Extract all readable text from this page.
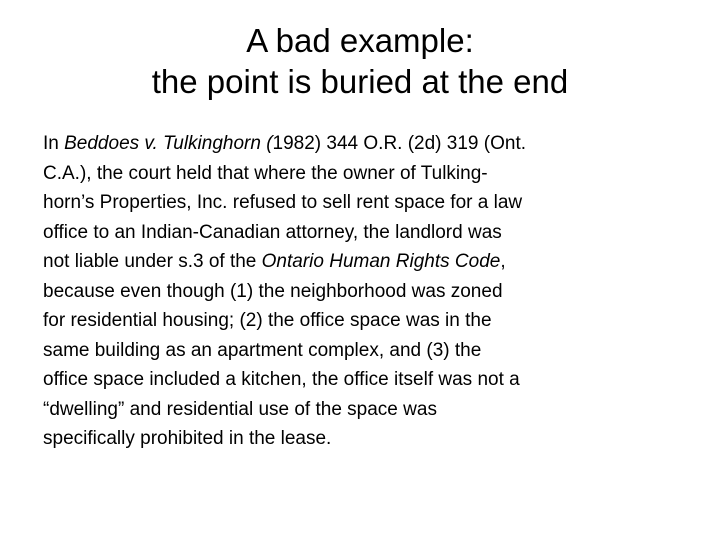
A bad example:
the point is buried at the end
In Beddoes v. Tulkinghorn (1982) 344 O.R. (2d) 319 (Ont.
C.A.), the court held that where the owner of Tulking-
horn’s Properties, Inc. refused to sell rent space for a law
office to an Indian-Canadian attorney, the landlord was
not liable under s.3 of the Ontario Human Rights Code,
because even though (1) the neighborhood was zoned
for residential housing; (2) the office space was in the
same building as an apartment complex, and (3) the
office space included a kitchen, the office itself was not a
“dwelling” and residential use of the space was
specifically prohibited in the lease.
